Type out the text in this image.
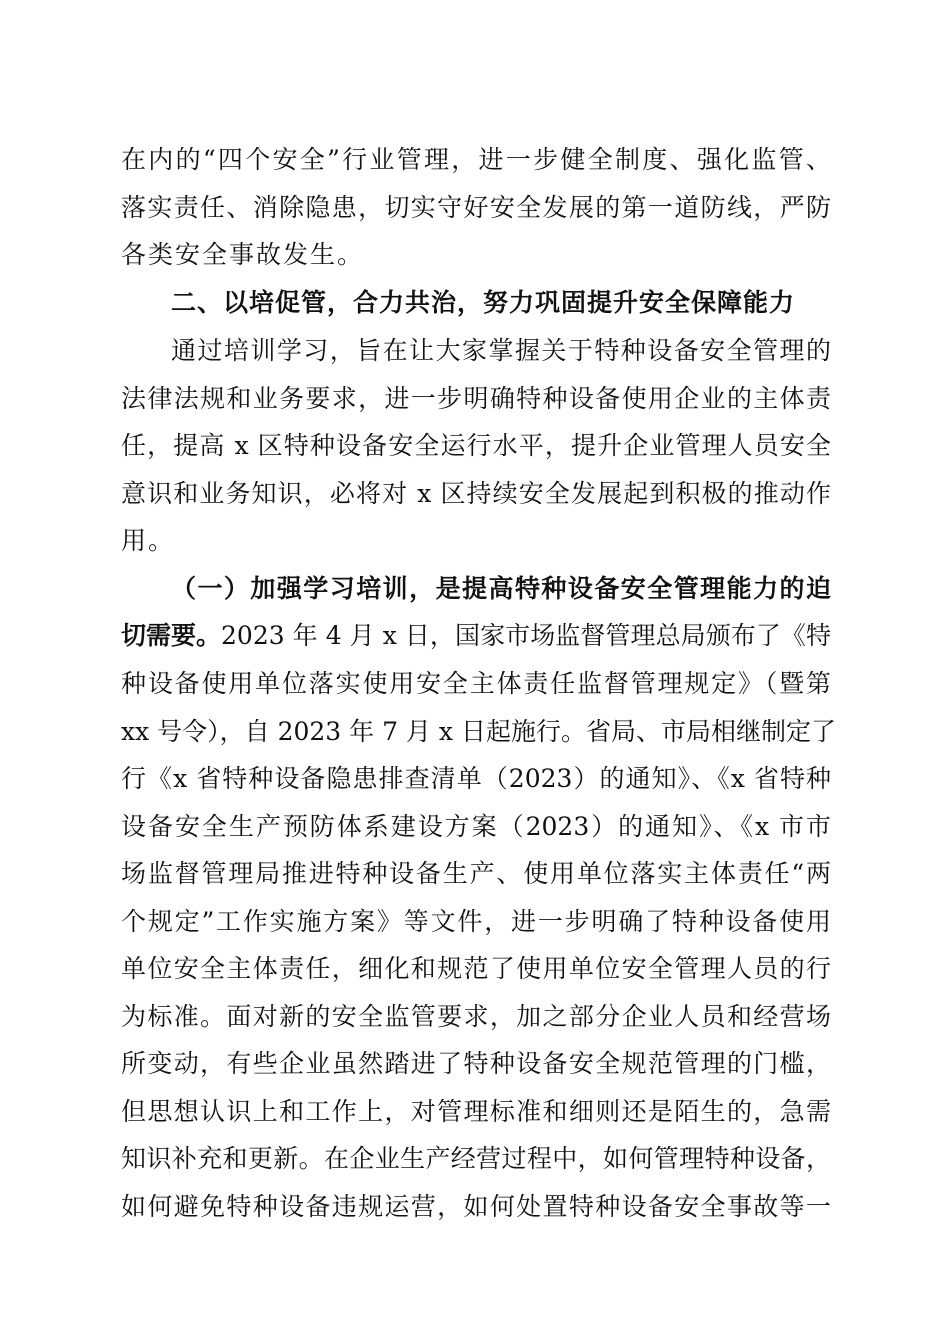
在内的“四个安全”行业管理，进一步健全制度、强化监管、
落实责任、消除隐患，切实守好安全发展的第一道防线，严防
各类安全事故发生。
二、以培促管，合力共治，努力巩固提升安全保障能力
通过培训学习，旨在让大家掌握关于特种设备安全管理的
法律法规和业务要求，进一步明确特种设备使用企业的主体责
任，提高 x 区特种设备安全运行水平，提升企业管理人员安全
意识和业务知识，必将对 x 区持续安全发展起到积极的推动作
用。
（一）加强学习培训，是提高特种设备安全管理能力的迫
切需要。 2023 年 4 月 x 日，国家市场监督管理总局颁布了《特
种设备使用单位落实使用安全主体责任监督管理规定》（暨第
xx 号令），自 2023 年 7 月 x 日起施行。省局、市局相继制定了
行《x 省特种设备隐患排查清单（2023）的通知》、《x 省特种
设备安全生产预防体系建设方案（2023）的通知》、《x 市市
场监督管理局推进特种设备生产、使用单位落实主体责任“两
个规定”工作实施方案》等文件，进一步明确了特种设备使用
单位安全主体责任，细化和规范了使用单位安全管理人员的行
为标准。面对新的安全监管要求，加之部分企业人员和经营场
所变动，有些企业虽然踏进了特种设备安全规范管理的门槛，
但思想认识上和工作上，对管理标准和细则还是陌生的，急需
知识补充和更新。在企业生产经营过程中，如何管理特种设备，
如何避免特种设备违规运营，如何处置特种设备安全事故等一
